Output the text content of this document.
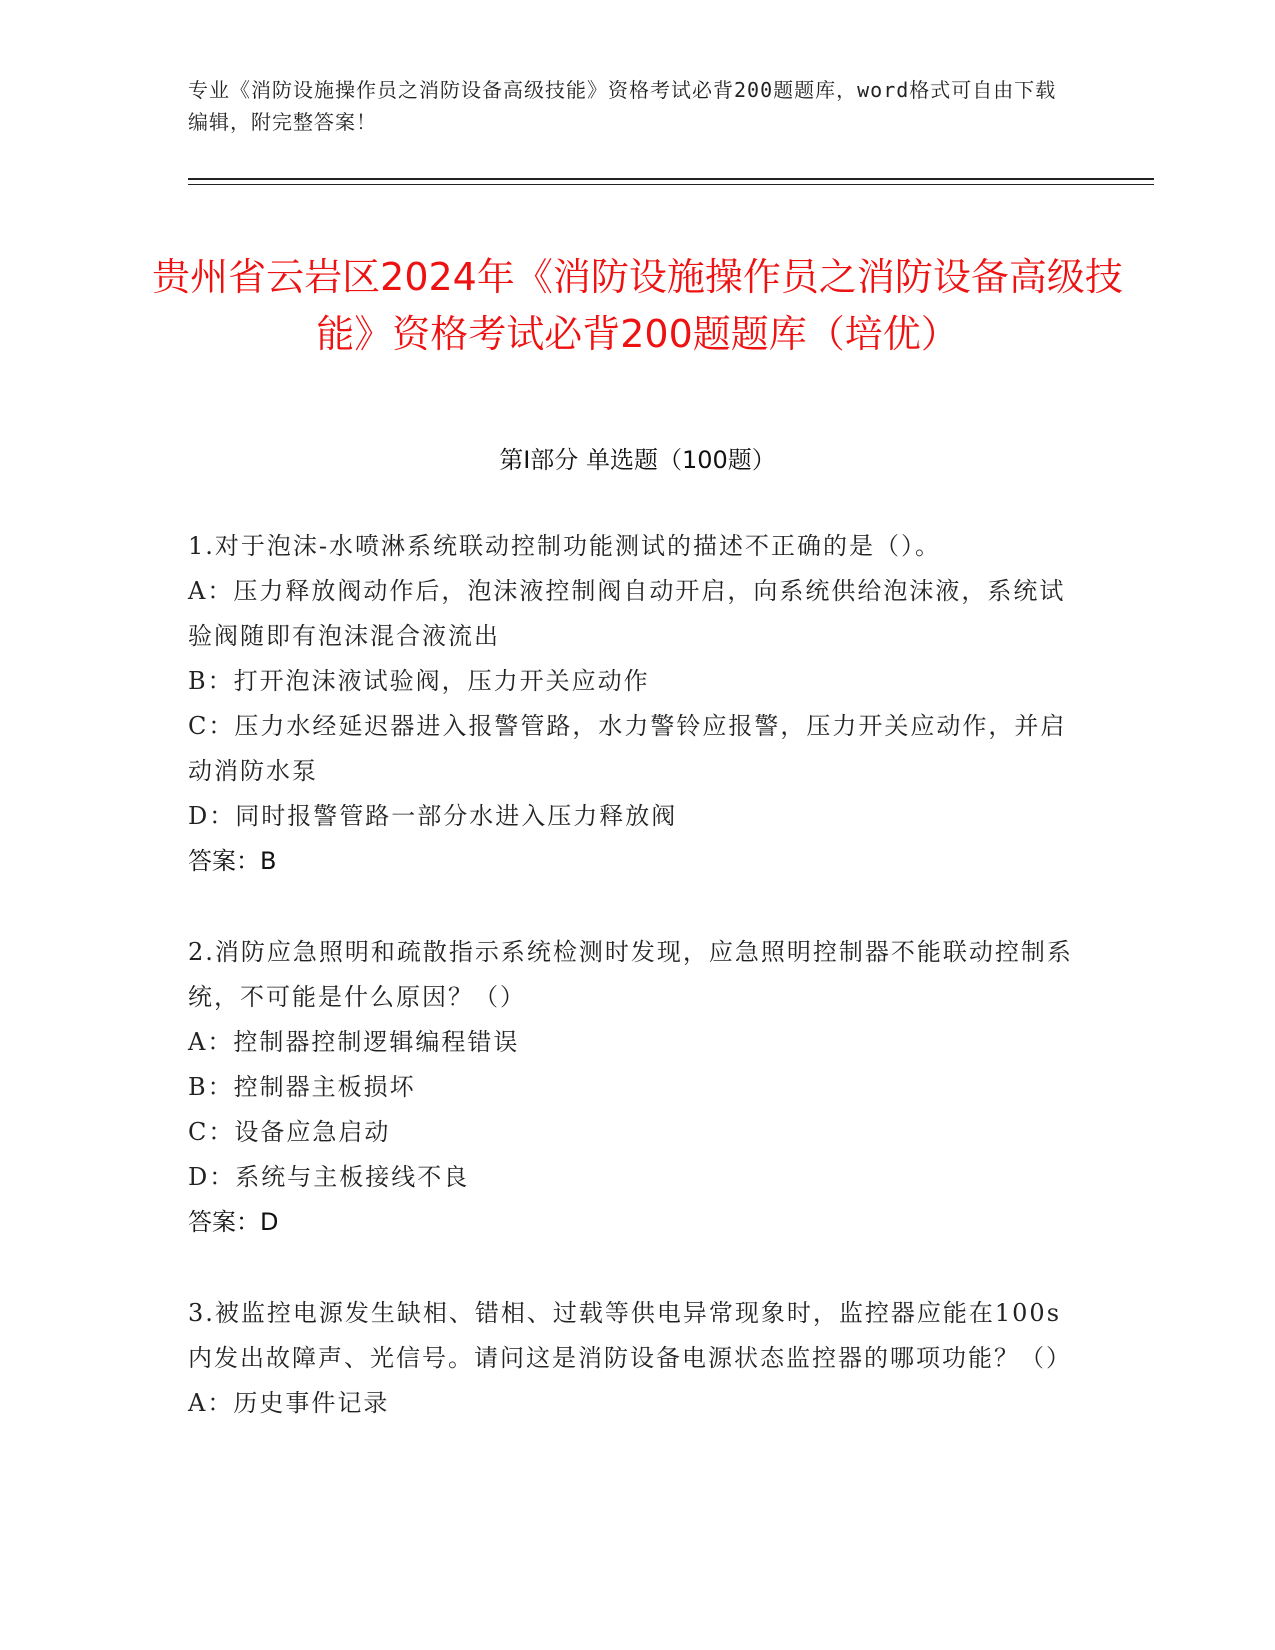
专业《消防设施操作员之消防设备高级技能》资格考试必背200题题库，word格式可自由下载编辑，附完整答案！
贵州省云岩区2024年《消防设施操作员之消防设备高级技能》资格考试必背200题题库（培优）
第Ⅰ部分 单选题（100题）

1.对于泡沫-水喷淋系统联动控制功能测试的描述不正确的是（）。

A：压力释放阀动作后，泡沫液控制阀自动开启，向系统供给泡沫液，系统试验阀随即有泡沫混合液流出

B：打开泡沫液试验阀，压力开关应动作

C：压力水经延迟器进入报警管路，水力警铃应报警，压力开关应动作，并启动消防水泵

D：同时报警管路一部分水进入压力释放阀

答案：B

2.消防应急照明和疏散指示系统检测时发现，应急照明控制器不能联动控制系统，不可能是什么原因？（）

A：控制器控制逻辑编程错误

B：控制器主板损坏

C：设备应急启动

D：系统与主板接线不良

答案：D

3.被监控电源发生缺相、错相、过载等供电异常现象时，监控器应能在100s内发出故障声、光信号。请问这是消防设备电源状态监控器的哪项功能？（）

A：历史事件记录
